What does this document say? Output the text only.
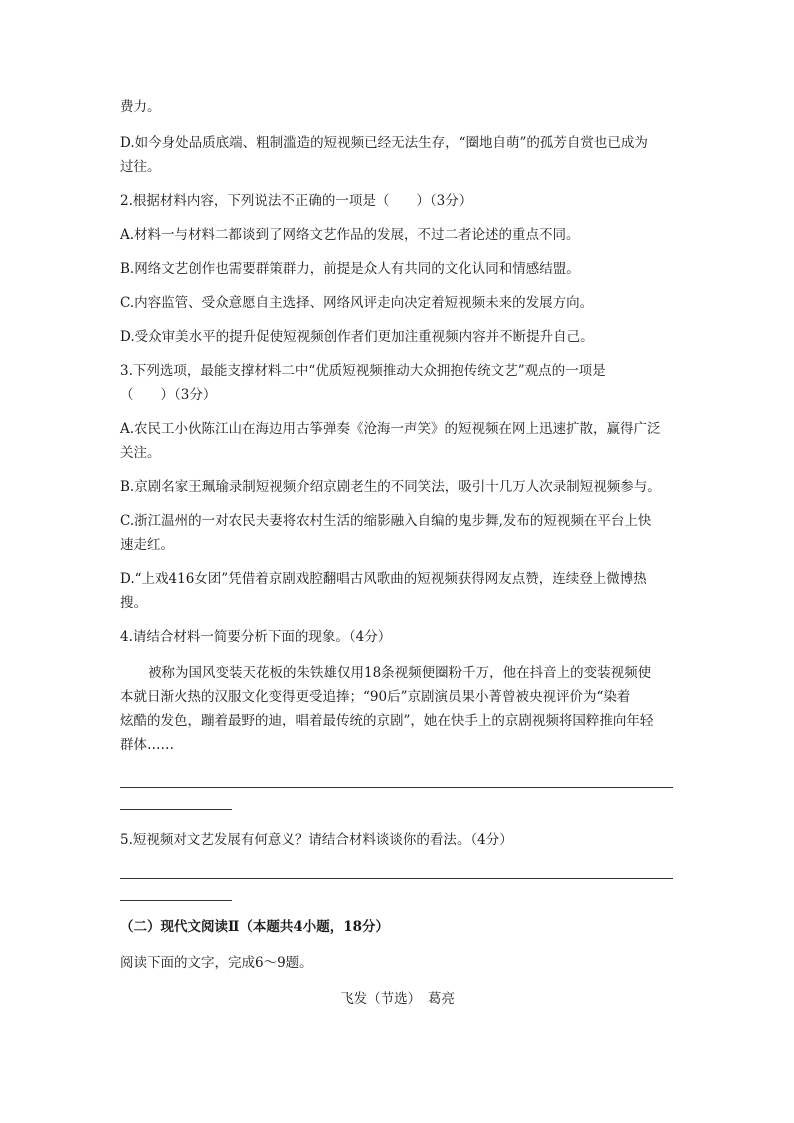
费力。

D.如今身处品质底端、粗制滥造的短视频已经无法生存，“圈地自萌”的孤芳自赏也已成为

过往。

2.根据材料内容，下列说法不正确的一项是（　　）（3分）

A.材料一与材料二都谈到了网络文艺作品的发展，不过二者论述的重点不同。

B.网络文艺创作也需要群策群力，前提是众人有共同的文化认同和情感结盟。

C.内容监管、受众意愿自主选择、网络风评走向决定着短视频未来的发展方向。

D.受众审美水平的提升促使短视频创作者们更加注重视频内容并不断提升自己。

3.下列选项，最能支撑材料二中“优质短视频推动大众拥抱传统文艺”观点的一项是

（　　）（3分）

A.农民工小伙陈江山在海边用古筝弹奏《沧海一声笑》的短视频在网上迅速扩散，赢得广泛

关注。

B.京剧名家王珮瑜录制短视频介绍京剧老生的不同笑法，吸引十几万人次录制短视频参与。

C.浙江温州的一对农民夫妻将农村生活的缩影融入自编的鬼步舞,发布的短视频在平台上快

速走红。

D.“上戏416女团”凭借着京剧戏腔翻唱古风歌曲的短视频获得网友点赞，连续登上微博热

搜。

4.请结合材料一简要分析下面的现象。（4分）

被称为国风变装天花板的朱铁雄仅用18条视频便圈粉千万，他在抖音上的变装视频使

本就日渐火热的汉服文化变得更受追捧；“90后”京剧演员果小菁曾被央视评价为“染着

炫酷的发色，蹦着最野的迪，唱着最传统的京剧”，她在快手上的京剧视频将国粹推向年轻

群体……

5.短视频对文艺发展有何意义？请结合材料谈谈你的看法。（4分）

（二）现代文阅读Ⅱ（本题共4小题，18分）

阅读下面的文字，完成6～9题。

飞发（节选）　葛亮
